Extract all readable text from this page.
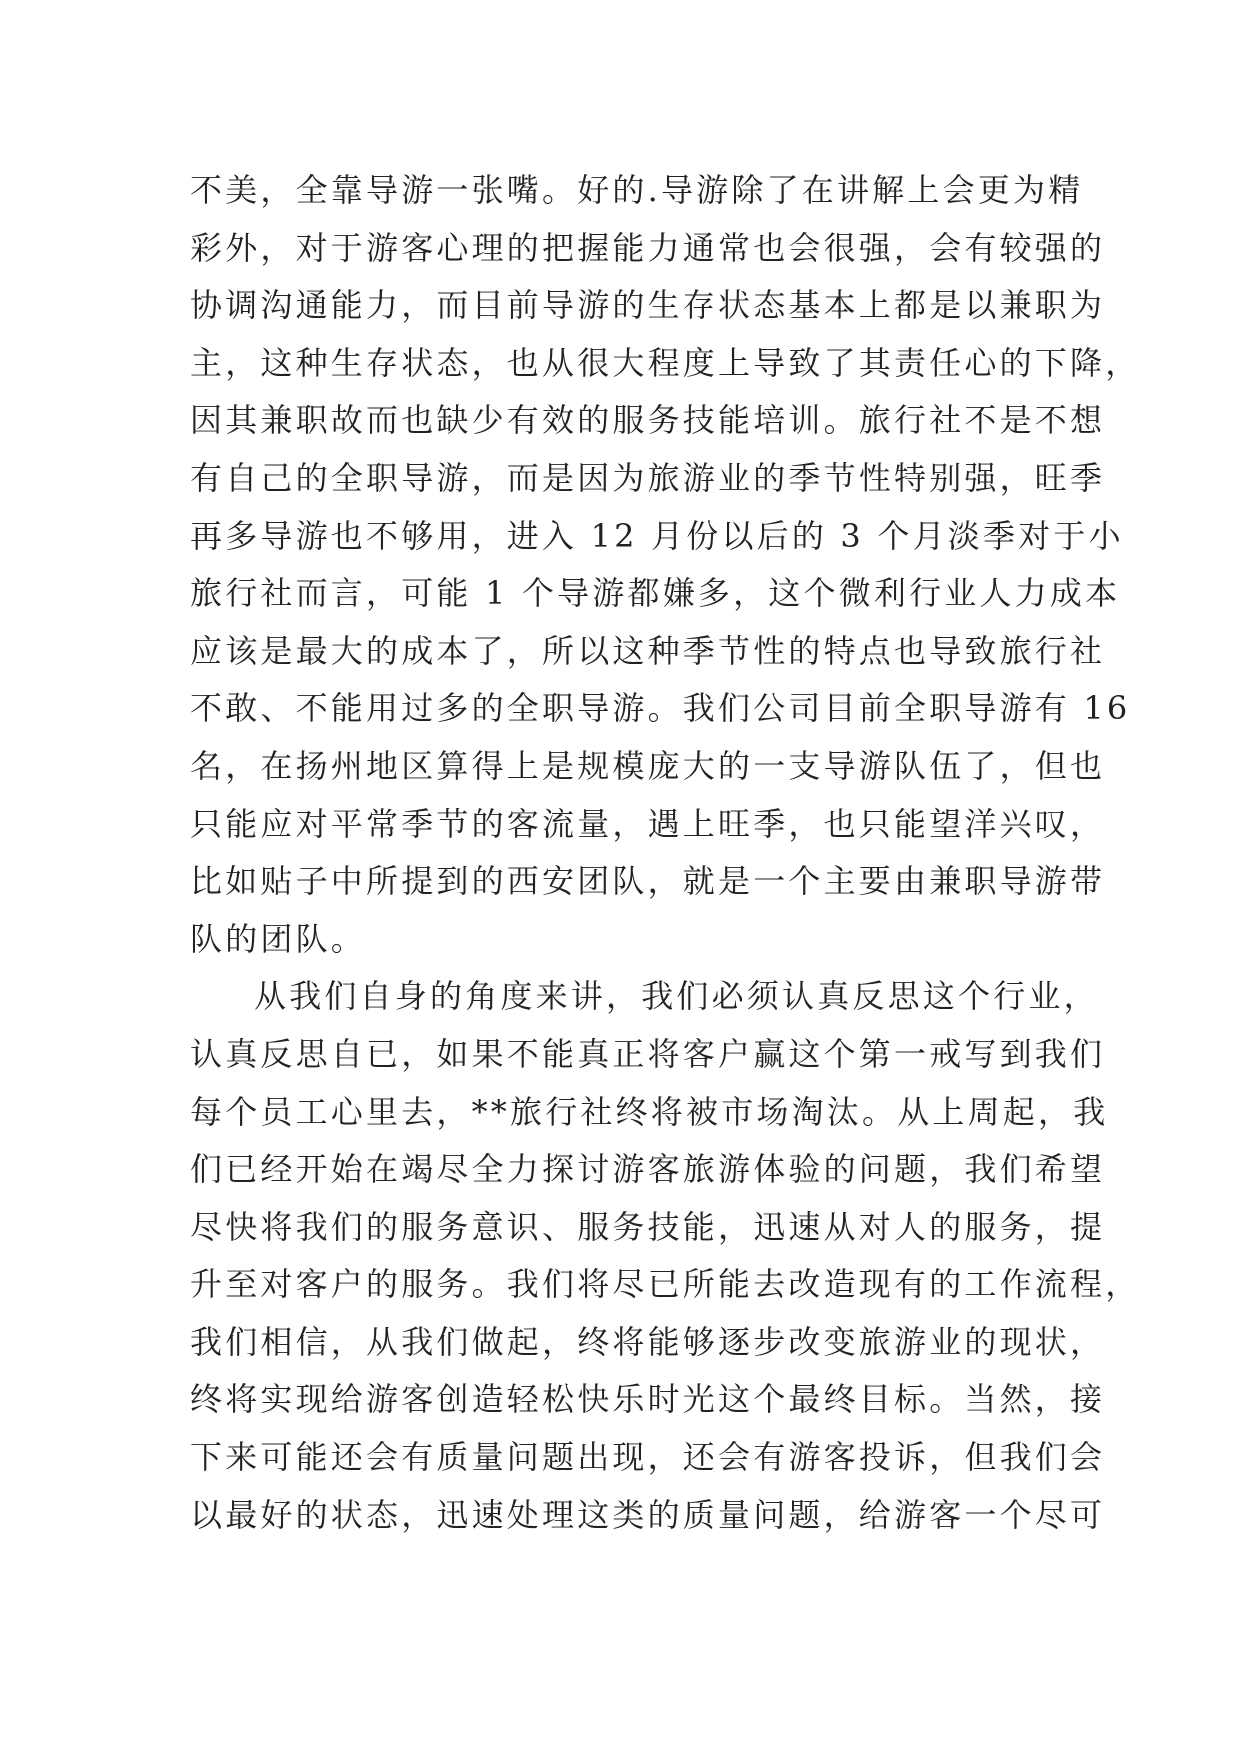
不美，全靠导游一张嘴。好的.导游除了在讲解上会更为精
彩外，对于游客心理的把握能力通常也会很强，会有较强的
协调沟通能力，而目前导游的生存状态基本上都是以兼职为
主，这种生存状态，也从很大程度上导致了其责任心的下降，
因其兼职故而也缺少有效的服务技能培训。旅行社不是不想
有自己的全职导游，而是因为旅游业的季节性特别强，旺季
再多导游也不够用，进入 12 月份以后的 3 个月淡季对于小
旅行社而言，可能 1 个导游都嫌多，这个微利行业人力成本
应该是最大的成本了，所以这种季节性的特点也导致旅行社
不敢、不能用过多的全职导游。我们公司目前全职导游有 16
名，在扬州地区算得上是规模庞大的一支导游队伍了，但也
只能应对平常季节的客流量，遇上旺季，也只能望洋兴叹，
比如贴子中所提到的西安团队，就是一个主要由兼职导游带
队的团队。
从我们自身的角度来讲，我们必须认真反思这个行业，
认真反思自已，如果不能真正将客户赢这个第一戒写到我们
每个员工心里去，**旅行社终将被市场淘汰。从上周起，我
们已经开始在竭尽全力探讨游客旅游体验的问题，我们希望
尽快将我们的服务意识、服务技能，迅速从对人的服务，提
升至对客户的服务。我们将尽已所能去改造现有的工作流程，
我们相信，从我们做起，终将能够逐步改变旅游业的现状，
终将实现给游客创造轻松快乐时光这个最终目标。当然，接
下来可能还会有质量问题出现，还会有游客投诉，但我们会
以最好的状态，迅速处理这类的质量问题，给游客一个尽可
